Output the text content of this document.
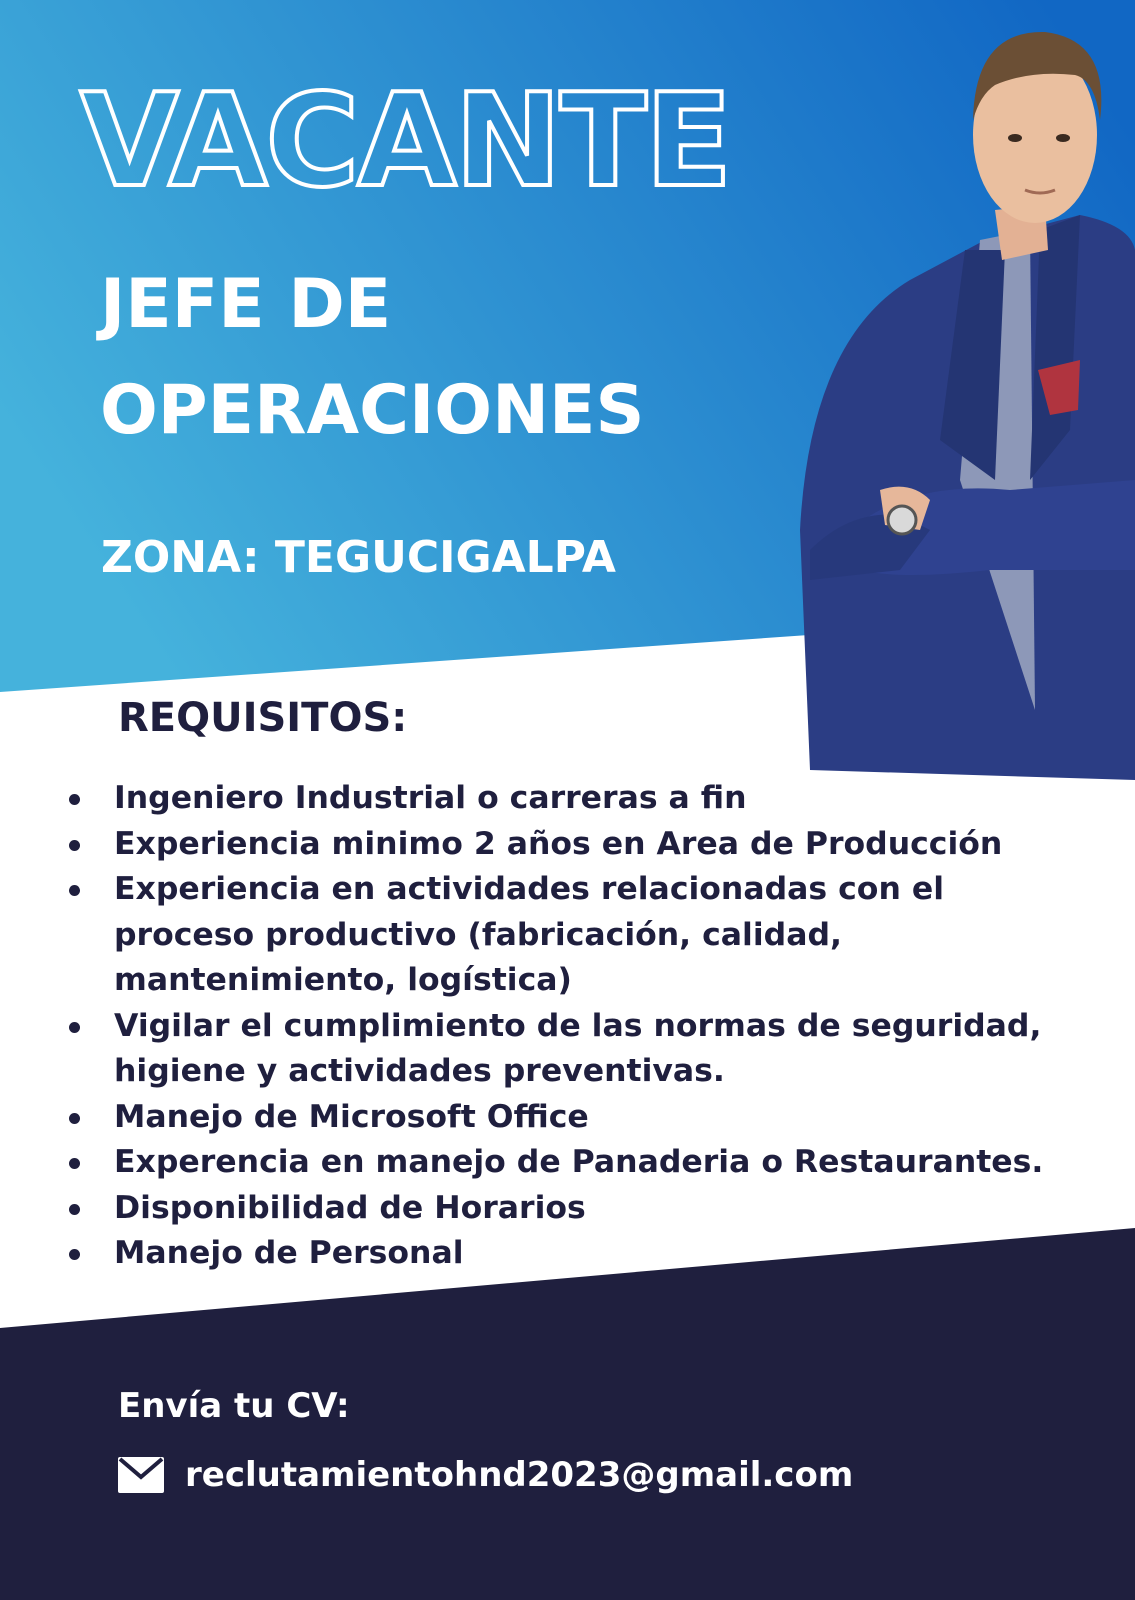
VACANTE
JEFE DE
OPERACIONES
ZONA: TEGUCIGALPA
REQUISITOS:
Ingeniero Industrial o carreras a fin
Experiencia minimo 2 años en Area de Producción
Experiencia en actividades relacionadas con el proceso productivo (fabricación, calidad, mantenimiento, logística)
Vigilar el cumplimiento de las normas de seguridad, higiene y actividades preventivas.
Manejo de Microsoft Office
Experencia en manejo de Panaderia o Restaurantes.
Disponibilidad de Horarios
Manejo de Personal
Envía tu CV:
reclutamientohnd2023@gmail.com
